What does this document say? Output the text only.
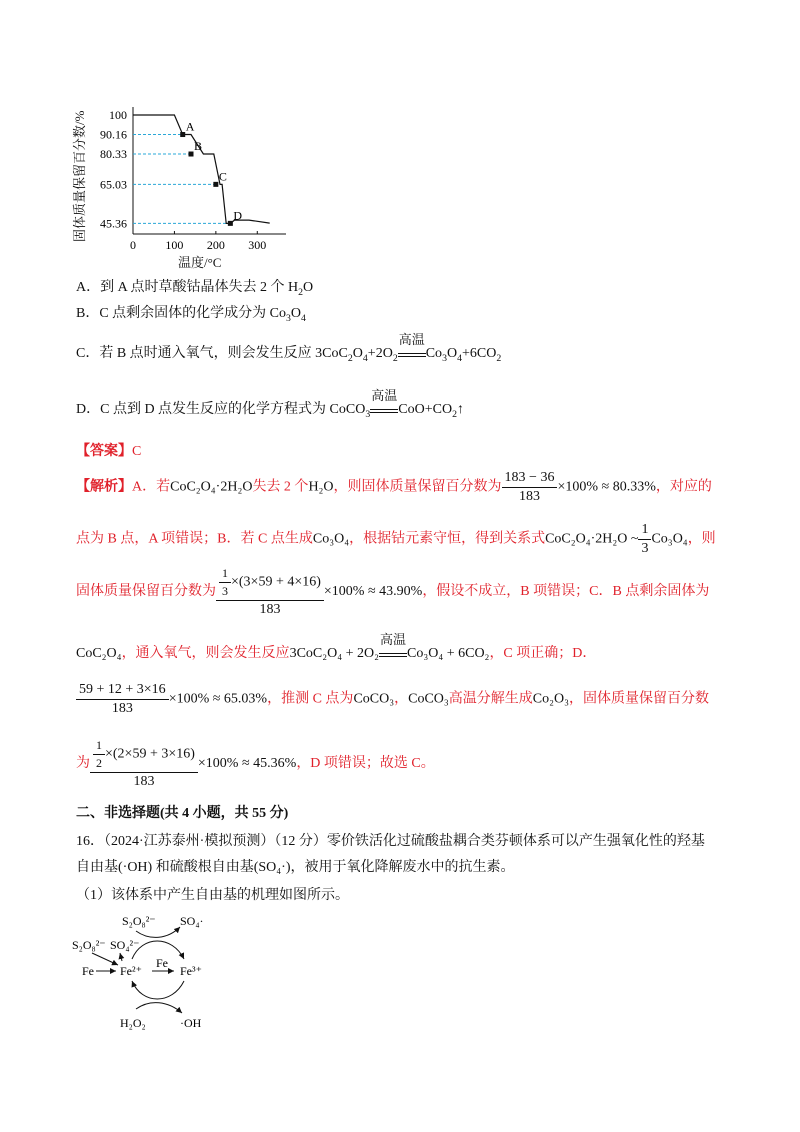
0 100 200 300
100
90.16
80.33
65.03
45.36
A
B
C
D
固体质量保留百分数/%
温度/°C
A．到 A 点时草酸钴晶体失去 2 个 $H_2O$
B．C 点剩余固体的化学成分为 $Co_3O_4$
C．若 B 点时通入氧气，则会发生反应 $3CoC_2O_4+2O_2$
高温
$Co_3O_4+6CO_2$
D．C 点到 D 点发生反应的化学方程式为 CoCO$_3$
高温
$CoO+CO_2↑$
【答案】C
【解析】A．若CoC₂O₄·2H₂O失去 2 个H₂O，则固体质量保留百分数为 $\frac{183 - 36}{183} \times 100\% \approx 80.33\%$，对应的
点为 B 点，A 项错误；B．若 C 点生成Co₃O₄，根据钴元素守恒，得到关系式CoC₂O₄·2H₂O ~ $\frac{1}{3} Co_3O_4$，则
固体质量保留百分数为 $\frac{\frac{1}{3} \times(3\times 59 + 4\times 16)}{183} \times 100\% \approx 43.90\%$，假设不成立，B 项错误；C．B 点剩余固体为
CoC₂O₄，通入氧气，则会发生反应3CoC₂O₄ + 2O₂
高温
Co₃O₄ + 6CO₂，C 项正确；D．
$\frac{59 + 12 + 3\times 16}{183} \times 100\% \approx 65.03\%$，推测 C 点为CoCO₃，CoCO₃高温分解生成Co₂O₃，固体质量保留百分数
为 $\frac{\frac{1}{2} \times(2\times 59 + 3\times 16)}{183} \times 100\% \approx 45.36\%$，D 项错误；故选 C。
二、非选择题(共 4 小题，共 55 分)
16．（2024·江苏泰州·模拟预测）（12 分）零价铁活化过硫酸盐耦合类芬顿体系可以产生强氧化性的羟基
自由基(·OH) 和硫酸根自由基(SO₄·)，被用于氧化降解废水中的抗生素。
（1）该体系中产生自由基的机理如图所示。
S₂O₈²⁻ SO₄·
S₂O₈²⁻ SO₄²⁻
Fe Fe²⁺
Fe
Fe³⁺
H₂O₂	·OH
